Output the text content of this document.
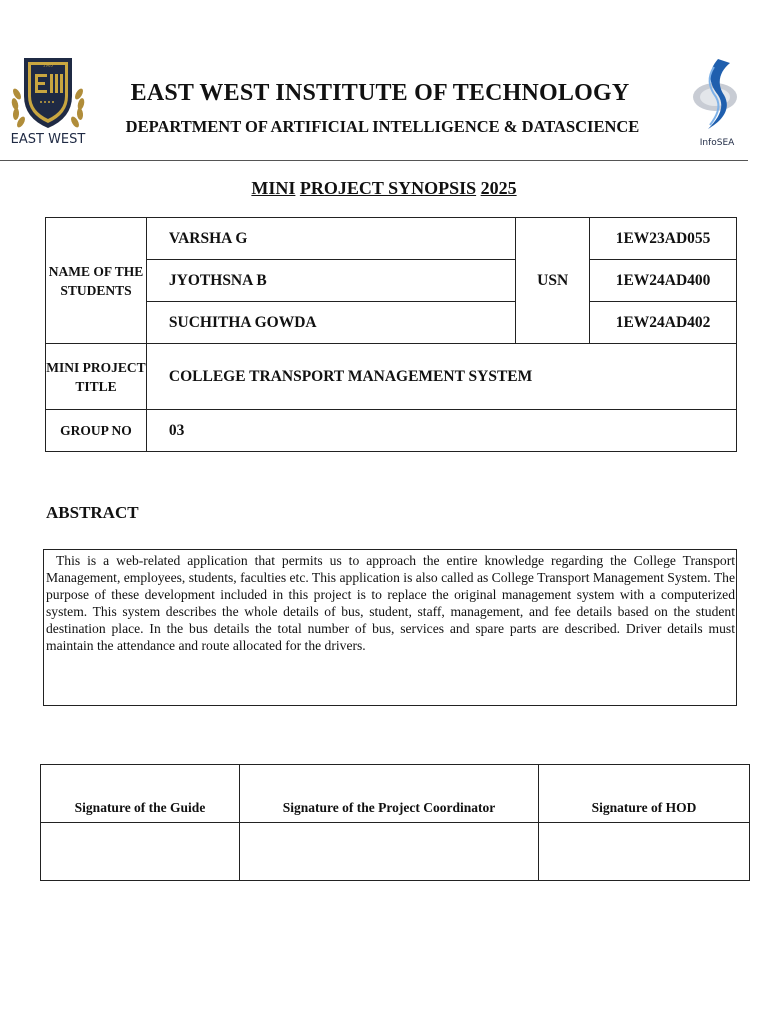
1983
EAST WEST	InfoSEA
EAST WEST INSTITUTE OF TECHNOLOGY
DEPARTMENT OF ARTIFICIAL INTELLIGENCE & DATASCIENCE
MINI PROJECT SYNOPSIS 2025
NAME OF THE STUDENTS	VARSHA G	USN	1EW23AD055
	JYOTHSNA B		1EW24AD400
	SUCHITHA GOWDA		1EW24AD402
MINI PROJECT TITLE	COLLEGE TRANSPORT MANAGEMENT SYSTEM		
GROUP NO	03		
ABSTRACT

This is a web-related application that permits us to approach the entire knowledge regarding the College Transport Management, employees, students, faculties etc. This application is also called as College Transport Management System. The purpose of these development included in this project is to replace the original management system with a computerized system. This system describes the whole details of bus, student, staff, management, and fee details based on the student destination place. In the bus details the total number of bus, services and spare parts are described. Driver details must maintain the attendance and route allocated for the drivers.

Signature of the Guide	Signature of the Project Coordinator	Signature of HOD
